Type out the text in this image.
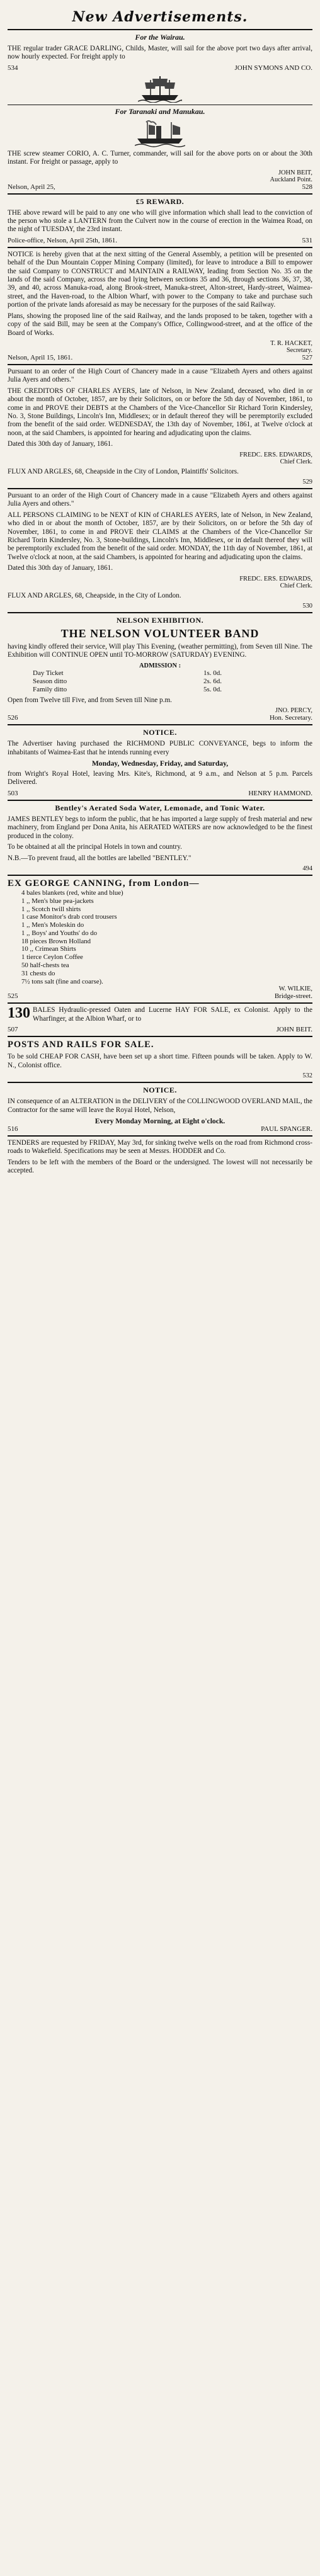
New Advertisements.
For the Wairau.
THE regular trader GRACE DARLING, Childs, Master, will sail for the above port two days after arrival, now hourly expected. For freight apply to
534	JOHN SYMONS AND CO.
For Taranaki and Manukau.
THE screw steamer CORIO, A. C. Turner, commander, will sail for the above ports on or about the 30th instant. For freight or passage, apply to
JOHN BEIT,
Auckland Point.
Nelson, April 25,	528
£5 REWARD.
THE above reward will be paid to any one who will give information which shall lead to the conviction of the person who stole a LANTERN from the Culvert now in the course of erection in the Waimea Road, on the night of TUESDAY, the 23rd instant.
Police-office, Nelson, April 25th, 1861.	531
NOTICE is hereby given that at the next sitting of the General Assembly, a petition will be presented on behalf of the Dun Mountain Copper Mining Company (limited), for leave to introduce a Bill to empower the said Company to CONSTRUCT and MAINTAIN a RAILWAY, leading from Section No. 35 on the lands of the said Company, across the road lying between sections 35 and 36, through sections 36, 37, 38, 39, and 40, across Manuka-road, along Brook-street, Manuka-street, Alton-street, Hardy-street, Waimea-street, and the Haven-road, to the Albion Wharf, with power to the Company to take and purchase such portion of the private lands aforesaid as may be necessary for the purposes of the said Railway.
Plans, showing the proposed line of the said Railway, and the lands proposed to be taken, together with a copy of the said Bill, may be seen at the Company's Office, Collingwood-street, and at the office of the Board of Works.
T. R. HACKET,
Secretary.
Nelson, April 15, 1861.	527
Pursuant to an order of the High Court of Chancery made in a cause "Elizabeth Ayers and others against Julia Ayers and others."
THE CREDITORS OF CHARLES AYERS, late of Nelson, in New Zealand, deceased, who died in or about the month of October, 1857, are by their Solicitors, on or before the 5th day of November, 1861, to come in and PROVE their DEBTS at the Chambers of the Vice-Chancellor Sir Richard Torin Kindersley, No. 3, Stone Buildings, Lincoln's Inn, Middlesex; or in default thereof they will be peremptorily excluded from the benefit of the said order. WEDNESDAY, the 13th day of November, 1861, at Twelve o'clock at noon, at the said Chambers, is appointed for hearing and adjudicating upon the claims.
Dated this 30th day of January, 1861.
FREDC. ERS. EDWARDS,
Chief Clerk.
FLUX AND ARGLES, 68, Cheapside in the City of London, Plaintiffs' Solicitors.
529
Pursuant to an order of the High Court of Chancery made in a cause "Elizabeth Ayers and others against Julia Ayers and others."
ALL PERSONS CLAIMING to be NEXT of KIN of CHARLES AYERS, late of Nelson, in New Zealand, who died in or about the month of October, 1857, are by their Solicitors, on or before the 5th day of November, 1861, to come in and PROVE their CLAIMS at the Chambers of the Vice-Chancellor Sir Richard Torin Kindersley, No. 3, Stone-buildings, Lincoln's Inn, Middlesex, or in default thereof they will be peremptorily excluded from the benefit of the said order. MONDAY, the 11th day of November, 1861, at Twelve o'clock at noon, at the said Chambers, is appointed for hearing and adjudicating upon the claims.
Dated this 30th day of January, 1861.
FREDC. ERS. EDWARDS,
Chief Clerk.
FLUX AND ARGLES, 68, Cheapside, in the City of London.
530
NELSON EXHIBITION.
THE NELSON VOLUNTEER BAND
having kindly offered their service, Will play This Evening, (weather permitting), from Seven till Nine. The Exhibition will CONTINUE OPEN until TO-MORROW (SATURDAY) EVENING.
ADMISSION :
Day Ticket	1s. 0d.
Season ditto	2s. 6d.
Family ditto	5s. 0d.
Open from Twelve till Five, and from Seven till Nine p.m.
JNO. PERCY,
526	Hon. Secretary.
NOTICE.
The Advertiser having purchased the RICHMOND PUBLIC CONVEYANCE, begs to inform the inhabitants of Waimea-East that he intends running every
Monday, Wednesday, Friday, and Saturday,
from Wright's Royal Hotel, leaving Mrs. Kite's, Richmond, at 9 a.m., and Nelson at 5 p.m. Parcels Delivered.
503	HENRY HAMMOND.
Bentley's Aerated Soda Water, Lemonade, and Tonic Water.
JAMES BENTLEY begs to inform the public, that he has imported a large supply of fresh material and new machinery, from England per Dona Anita, his AERATED WATERS are now acknowledged to be the finest produced in the colony.
To be obtained at all the principal Hotels in town and country.
N.B.—To prevent fraud, all the bottles are labelled "BENTLEY."
494
EX GEORGE CANNING, from London—
4 bales blankets (red, white and blue)
1 ,, Men's blue pea-jackets
1 ,, Scotch twill shirts
1 case Monitor's drab cord trousers
1 ,, Men's Moleskin do
1 ,, Boys' and Youths' do do
18 pieces Brown Holland
10 ,, Crimean Shirts
1 tierce Ceylon Coffee
50 half-chests tea
31 chests do
7½ tons salt (fine and coarse).
W. WILKIE,
525	Bridge-street.
130 BALES Hydraulic-pressed Oaten and Lucerne HAY FOR SALE, ex Colonist. Apply to the Wharfinger, at the Albion Wharf, or to
507	JOHN BEIT.
POSTS AND RAILS FOR SALE.
To be sold CHEAP FOR CASH, have been set up a short time. Fifteen pounds will be taken. Apply to W. N., Colonist office.
532
NOTICE.
IN consequence of an ALTERATION in the DELIVERY of the COLLINGWOOD OVERLAND MAIL, the Contractor for the same will leave the Royal Hotel, Nelson,
Every Monday Morning, at Eight o'clock.
516	PAUL SPANGER.
TENDERS are requested by FRIDAY, May 3rd, for sinking twelve wells on the road from Richmond cross-roads to Wakefield. Specifications may be seen at Messrs. HODDER and Co.
Tenders to be left with the members of the Board or the undersigned. The lowest will not necessarily be accepted.
